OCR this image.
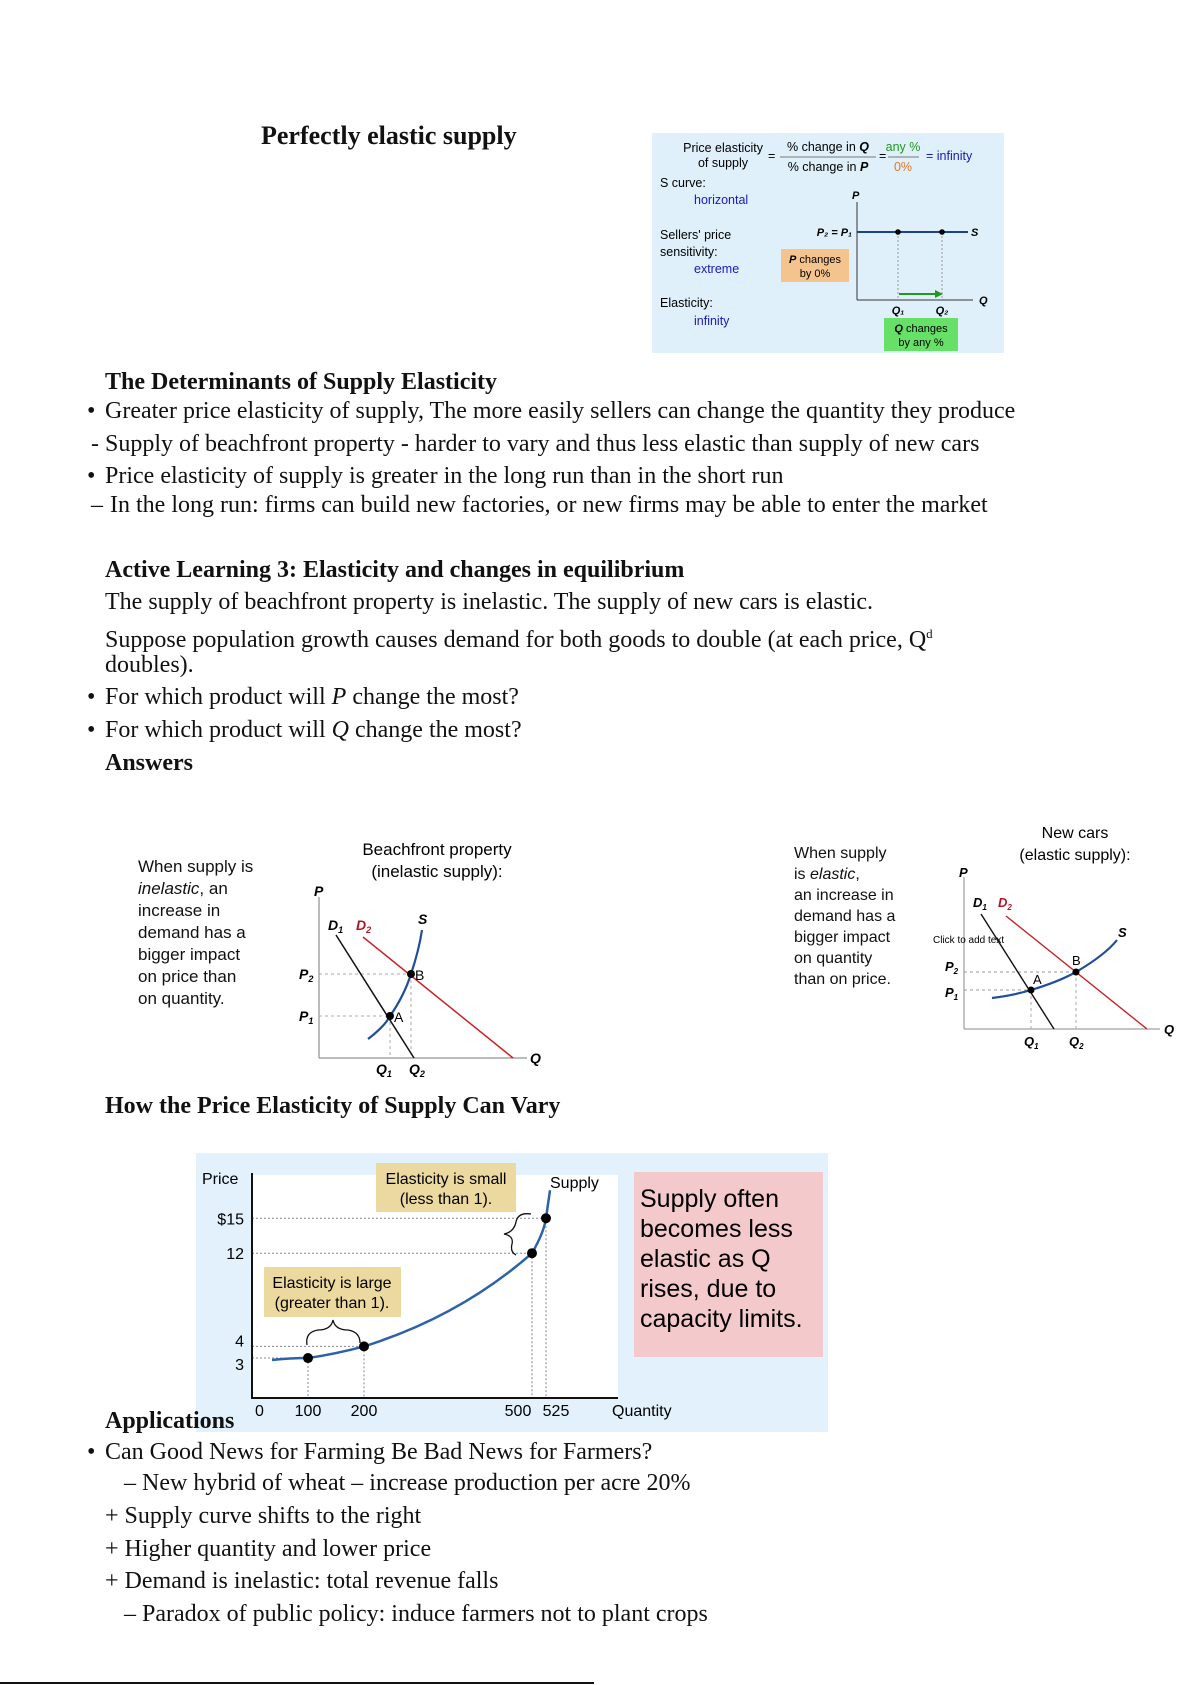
Perfectly elastic supply	Price elasticity
of supply =
% change in Q
% change in P
=
any %
0%
= infinity
S curve:
horizontal
Sellers' price
sensitivity:
extreme
Elasticity:
infinity
P
P₂ = P₁	S
Q
Q₁	Q₂
P changes
by 0%
Q changes
by any %
The Determinants of Supply Elasticity
• Greater price elasticity of supply, The more easily sellers can change the quantity they produce
- Supply of beachfront property - harder to vary and thus less elastic than supply of new cars
• Price elasticity of supply is greater in the long run than in the short run
– In the long run: firms can build new factories, or new firms may be able to enter the market
Active Learning 3: Elasticity and changes in equilibrium
The supply of beachfront property is inelastic. The supply of new cars is elastic.
Suppose population growth causes demand for both goods to double (at each price, $Q^d$
doubles).
• For which product will P change the most?
• For which product will Q change the most?
Answers
When supply is
inelastic, an
increase in
demand has a
bigger impact
on price than
on quantity.
Beachfront property
(inelastic supply):
P
Q
A
B
$D_1$ $D_2$
S
$P_2$
$P_1$
$Q_1$ $Q_2$
When supply
is elastic,
an increase in
demand has a
bigger impact
on quantity
than on price.
New cars
(elastic supply):
P
Q
A
B
Click to add text
$D_1$ $D_2$
S
$P_2$
$P_1$
$Q_1$ $Q_2$
Price
Quantity
$15
12
4
3
0 100 200	500 525
Supply
Elasticity is small
(less than 1).
Elasticity is large
(greater than 1).
Supply often
becomes less
elastic as Q
rises, due to
capacity limits.
How the Price Elasticity of Supply Can Vary
Applications
• Can Good News for Farming Be Bad News for Farmers?
– New hybrid of wheat – increase production per acre 20%
+ Supply curve shifts to the right
+ Higher quantity and lower price
+ Demand is inelastic: total revenue falls
– Paradox of public policy: induce farmers not to plant crops
